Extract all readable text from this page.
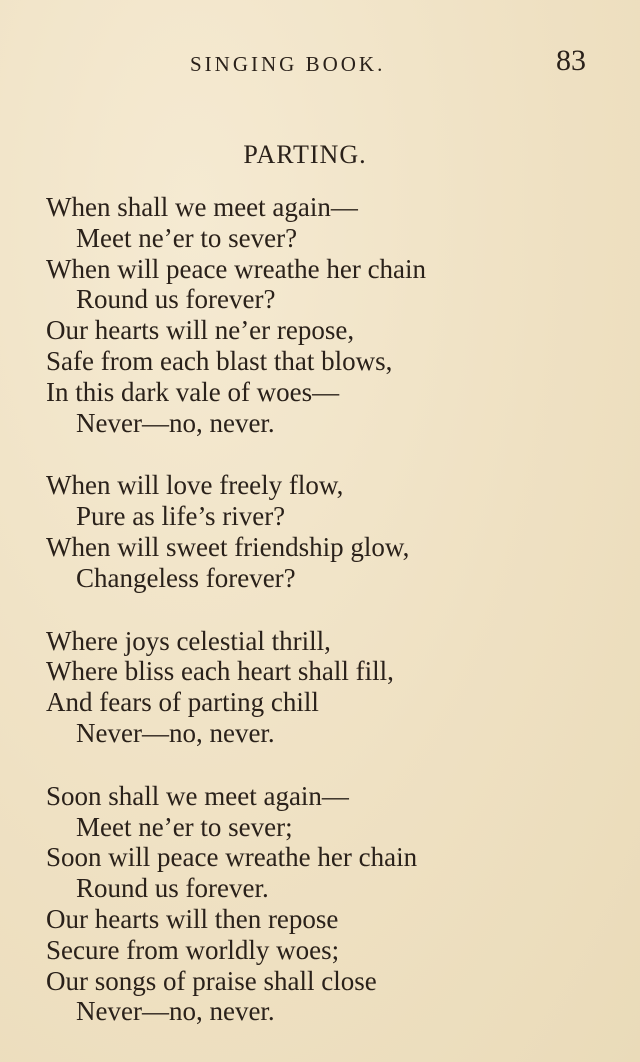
SINGING BOOK.	83
PARTING.
When shall we meet again—
Meet ne’er to sever?
When will peace wreathe her chain
Round us forever?
Our hearts will ne’er repose,
Safe from each blast that blows,
In this dark vale of woes—
Never—no, never.
When will love freely flow,
Pure as life’s river?
When will sweet friendship glow,
Changeless forever?
Where joys celestial thrill,
Where bliss each heart shall fill,
And fears of parting chill
Never—no, never.
Soon shall we meet again—
Meet ne’er to sever;
Soon will peace wreathe her chain
Round us forever.
Our hearts will then repose
Secure from worldly woes;
Our songs of praise shall close
Never—no, never.
